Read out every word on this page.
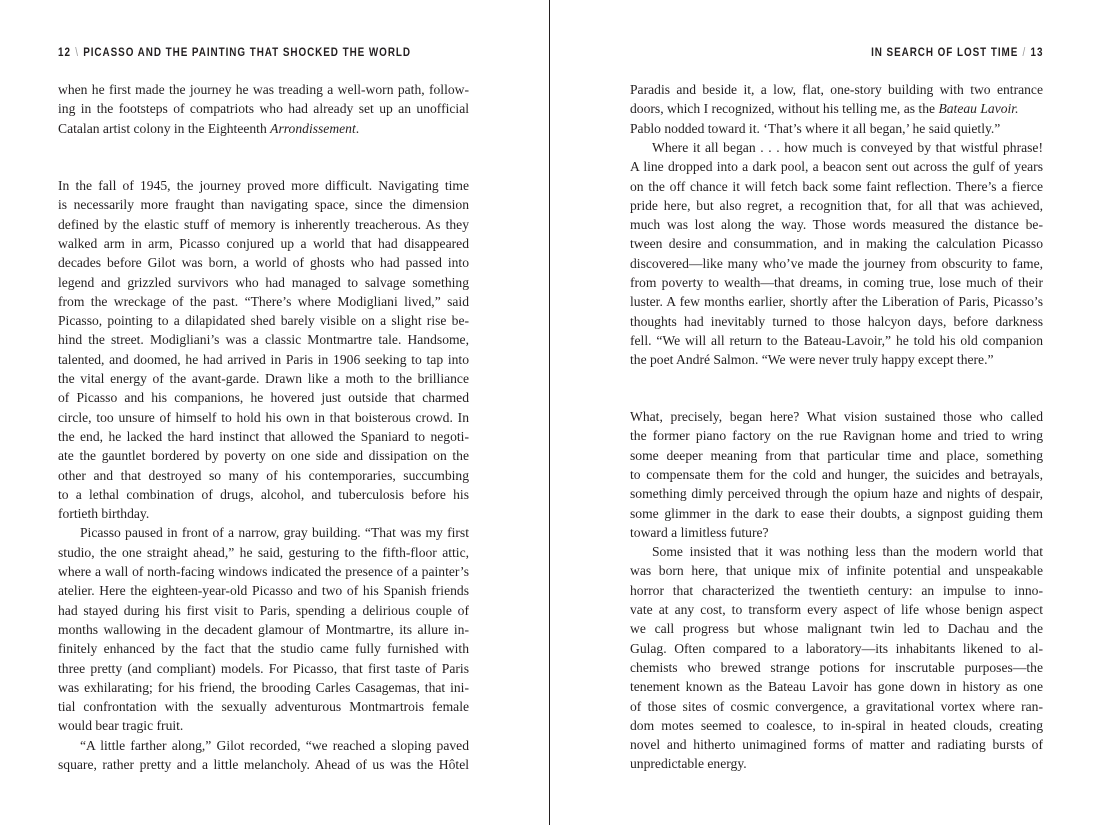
12 \ PICASSO AND THE PAINTING THAT SHOCKED THE WORLD
when he first made the journey he was treading a well-worn path, follow-
ing in the footsteps of compatriots who had already set up an unofficial
Catalan artist colony in the Eighteenth Arrondissement.
In the fall of 1945, the journey proved more difficult. Navigating time
is necessarily more fraught than navigating space, since the dimension
defined by the elastic stuff of memory is inherently treacherous. As they
walked arm in arm, Picasso conjured up a world that had disappeared
decades before Gilot was born, a world of ghosts who had passed into
legend and grizzled survivors who had managed to salvage something
from the wreckage of the past. “There’s where Modigliani lived,” said
Picasso, pointing to a dilapidated shed barely visible on a slight rise be-
hind the street. Modigliani’s was a classic Montmartre tale. Handsome,
talented, and doomed, he had arrived in Paris in 1906 seeking to tap into
the vital energy of the avant-garde. Drawn like a moth to the brilliance
of Picasso and his companions, he hovered just outside that charmed
circle, too unsure of himself to hold his own in that boisterous crowd. In
the end, he lacked the hard instinct that allowed the Spaniard to negoti-
ate the gauntlet bordered by poverty on one side and dissipation on the
other and that destroyed so many of his contemporaries, succumbing
to a lethal combination of drugs, alcohol, and tuberculosis before his
fortieth birthday.
Picasso paused in front of a narrow, gray building. “That was my first
studio, the one straight ahead,” he said, gesturing to the fifth-floor attic,
where a wall of north-facing windows indicated the presence of a painter’s
atelier. Here the eighteen-year-old Picasso and two of his Spanish friends
had stayed during his first visit to Paris, spending a delirious couple of
months wallowing in the decadent glamour of Montmartre, its allure in-
finitely enhanced by the fact that the studio came fully furnished with
three pretty (and compliant) models. For Picasso, that first taste of Paris
was exhilarating; for his friend, the brooding Carles Casagemas, that ini-
tial confrontation with the sexually adventurous Montmartrois female
would bear tragic fruit.
“A little farther along,” Gilot recorded, “we reached a sloping paved
square, rather pretty and a little melancholy. Ahead of us was the Hôtel
IN SEARCH OF LOST TIME / 13
Paradis and beside it, a low, flat, one-story building with two entrance
doors, which I recognized, without his telling me, as the Bateau Lavoir.
Pablo nodded toward it. ‘That’s where it all began,’ he said quietly.”
Where it all began . . . how much is conveyed by that wistful phrase!
A line dropped into a dark pool, a beacon sent out across the gulf of years
on the off chance it will fetch back some faint reflection. There’s a fierce
pride here, but also regret, a recognition that, for all that was achieved,
much was lost along the way. Those words measured the distance be-
tween desire and consummation, and in making the calculation Picasso
discovered—like many who’ve made the journey from obscurity to fame,
from poverty to wealth—that dreams, in coming true, lose much of their
luster. A few months earlier, shortly after the Liberation of Paris, Picasso’s
thoughts had inevitably turned to those halcyon days, before darkness
fell. “We will all return to the Bateau-Lavoir,” he told his old companion
the poet André Salmon. “We were never truly happy except there.”
What, precisely, began here? What vision sustained those who called
the former piano factory on the rue Ravignan home and tried to wring
some deeper meaning from that particular time and place, something
to compensate them for the cold and hunger, the suicides and betrayals,
something dimly perceived through the opium haze and nights of despair,
some glimmer in the dark to ease their doubts, a signpost guiding them
toward a limitless future?
Some insisted that it was nothing less than the modern world that
was born here, that unique mix of infinite potential and unspeakable
horror that characterized the twentieth century: an impulse to inno-
vate at any cost, to transform every aspect of life whose benign aspect
we call progress but whose malignant twin led to Dachau and the
Gulag. Often compared to a laboratory—its inhabitants likened to al-
chemists who brewed strange potions for inscrutable purposes—the
tenement known as the Bateau Lavoir has gone down in history as one
of those sites of cosmic convergence, a gravitational vortex where ran-
dom motes seemed to coalesce, to in-spiral in heated clouds, creating
novel and hitherto unimagined forms of matter and radiating bursts of
unpredictable energy.
